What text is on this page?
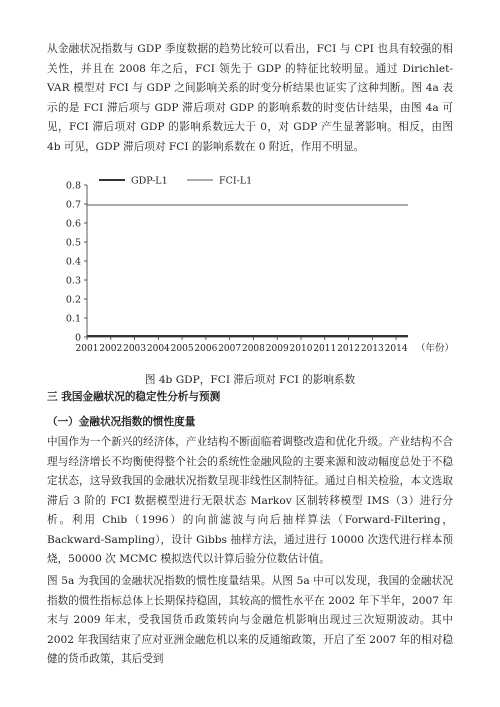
从金融状况指数与 GDP 季度数据的趋势比较可以看出，FCI 与 CPI 也具有较强的相关性，并且在 2008 年之后，FCI 领先于 GDP 的特征比较明显。通过 Dirichlet-VAR 模型对 FCI 与 GDP 之间影响关系的时变分析结果也证实了这种判断。图 4a 表示的是 FCI 滞后项与 GDP 滞后项对 GDP 的影响系数的时变估计结果，由图 4a 可见，FCI 滞后项对 GDP 的影响系数远大于 0，对 GDP 产生显著影响。相反，由图 4b 可见，GDP 滞后项对 FCI 的影响系数在 0 附近，作用不明显。

0
0.1
0.2
0.3
0.4
0.5
0.6
0.7
0.8
2001 2002 2003 2004 2005 2006 2007 2008 2009 2010 2011 2012 2013 2014 （年份）
GDP-L1	FCI-L1
图 4b GDP，FCI 滞后项对 FCI 的影响系数

三 我国金融状况的稳定性分析与预测

（一）金融状况指数的惯性度量

中国作为一个新兴的经济体，产业结构不断面临着调整改造和优化升级。产业结构不合理与经济增长不均衡使得整个社会的系统性金融风险的主要来源和波动幅度总处于不稳定状态，这导致我国的金融状况指数呈现非线性区制特征。通过自相关检验，本文选取滞后 3 阶的 FCI 数据模型进行无限状态 Markov 区制转移模型 IMS（3）进行分析。利用 Chib（1996）的向前滤波与向后抽样算法（Forward-Filtering，Backward-Sampling），设计 Gibbs 抽样方法，通过进行 10000 次迭代进行样本预烧，50000 次 MCMC 模拟迭代以计算后验分位数估计值。

图 5a 为我国的金融状况指数的惯性度量结果。从图 5a 中可以发现，我国的金融状况指数的惯性指标总体上长期保持稳固，其较高的惯性水平在 2002 年下半年，2007 年末与 2009 年末，受我国货币政策转向与金融危机影响出现过三次短期波动。其中 2002 年我国结束了应对亚洲金融危机以来的反通缩政策，开启了至 2007 年的相对稳健的货币政策，其后受到
